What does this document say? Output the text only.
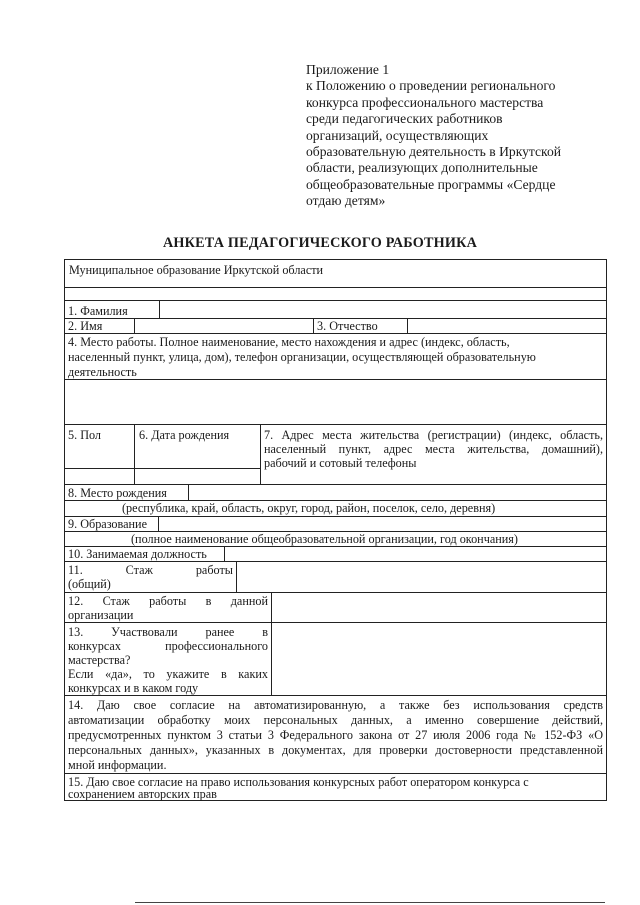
Приложение 1
к Положению о проведении регионального
конкурса профессионального мастерства
среди педагогических работников
организаций, осуществляющих
образовательную деятельность в Иркутской
области, реализующих дополнительные
общеобразовательные программы «Сердце
отдаю детям»
АНКЕТА ПЕДАГОГИЧЕСКОГО РАБОТНИКА
Муниципальное образование Иркутской области
1. Фамилия
2. Имя	3. Отчество
4. Место работы. Полное наименование, место нахождения и адрес (индекс, область,
населенный пункт, улица, дом), телефон организации, осуществляющей образовательную
деятельность
5. Пол	6. Дата рождения	7. Адрес места жительства (регистрации) (индекс, область,
населенный пункт, адрес места жительства, домашний),
рабочий и сотовый телефоны
8. Место рождения
(республика, край, область, округ, город, район, поселок, село, деревня)
9. Образование
(полное наименование общеобразовательной организации, год окончания)
10. Занимаемая должность
11. Стаж работы
(общий)
12. Стаж работы в данной
организации
13. Участвовали ранее в
конкурсах профессионального
мастерства?
Если «да», то укажите в каких
конкурсах и в каком году
14. Даю свое согласие на автоматизированную, а также без использования средств
автоматизации обработку моих персональных данных, а именно совершение действий,
предусмотренных пунктом 3 статьи 3 Федерального закона от 27 июля 2006 года № 152-ФЗ «О
персональных данных», указанных в документах, для проверки достоверности представленной
мной информации.
15. Даю свое согласие на право использования конкурсных работ оператором конкурса с
сохранением авторских прав
